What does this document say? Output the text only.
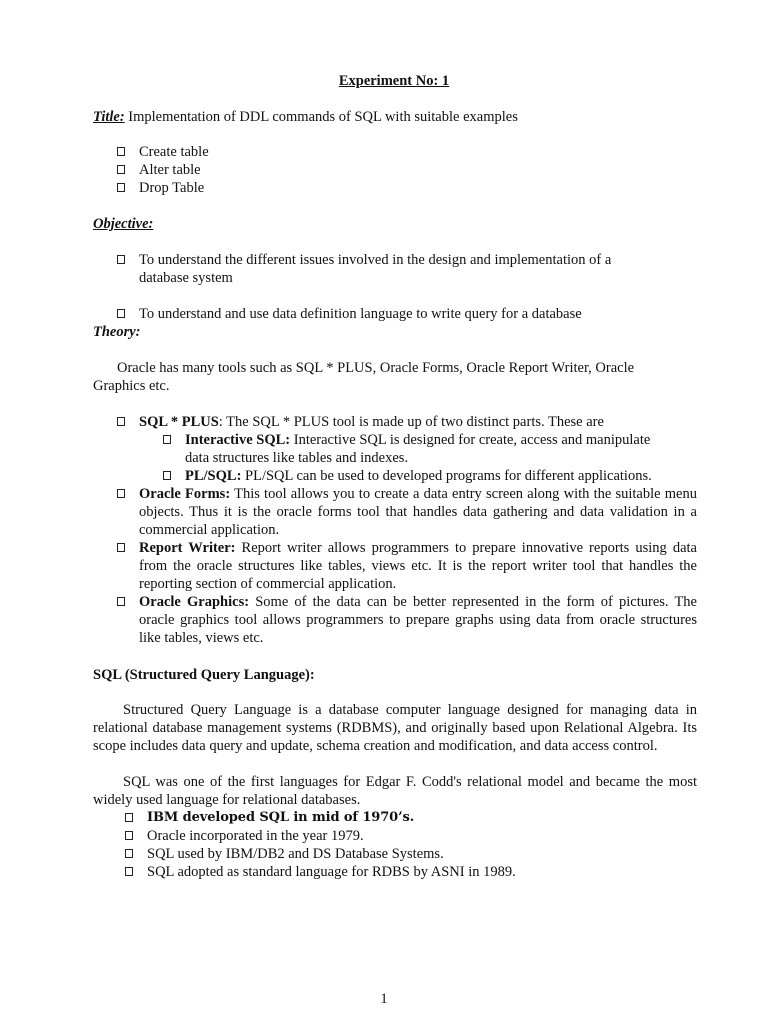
Experiment No: 1
Title: Implementation of DDL commands of SQL with suitable examples
Create table
Alter table
Drop Table
Objective:
To understand the different issues involved in the design and implementation of a database system
To understand and use data definition language to write query for a database
Theory:
Oracle has many tools such as SQL * PLUS, Oracle Forms, Oracle Report Writer, Oracle Graphics etc.
SQL * PLUS: The SQL * PLUS tool is made up of two distinct parts. These are
Interactive SQL: Interactive SQL is designed for create, access and manipulate data structures like tables and indexes.
PL/SQL: PL/SQL can be used to developed programs for different applications.
Oracle Forms: This tool allows you to create a data entry screen along with the suitable menu objects. Thus it is the oracle forms tool that handles data gathering and data validation in a commercial application.
Report Writer: Report writer allows programmers to prepare innovative reports using data from the oracle structures like tables, views etc. It is the report writer tool that handles the reporting section of commercial application.
Oracle Graphics: Some of the data can be better represented in the form of pictures. The oracle graphics tool allows programmers to prepare graphs using data from oracle structures like tables, views etc.
SQL (Structured Query Language):
Structured Query Language is a database computer language designed for managing data in relational database management systems (RDBMS), and originally based upon Relational Algebra. Its scope includes data query and update, schema creation and modification, and data access control.
SQL was one of the first languages for Edgar F. Codd's relational model and became the most widely used language for relational databases.
IBM developed SQL in mid of 1970’s.
Oracle incorporated in the year 1979.
SQL used by IBM/DB2 and DS Database Systems.
SQL adopted as standard language for RDBS by ASNI in 1989.
1
